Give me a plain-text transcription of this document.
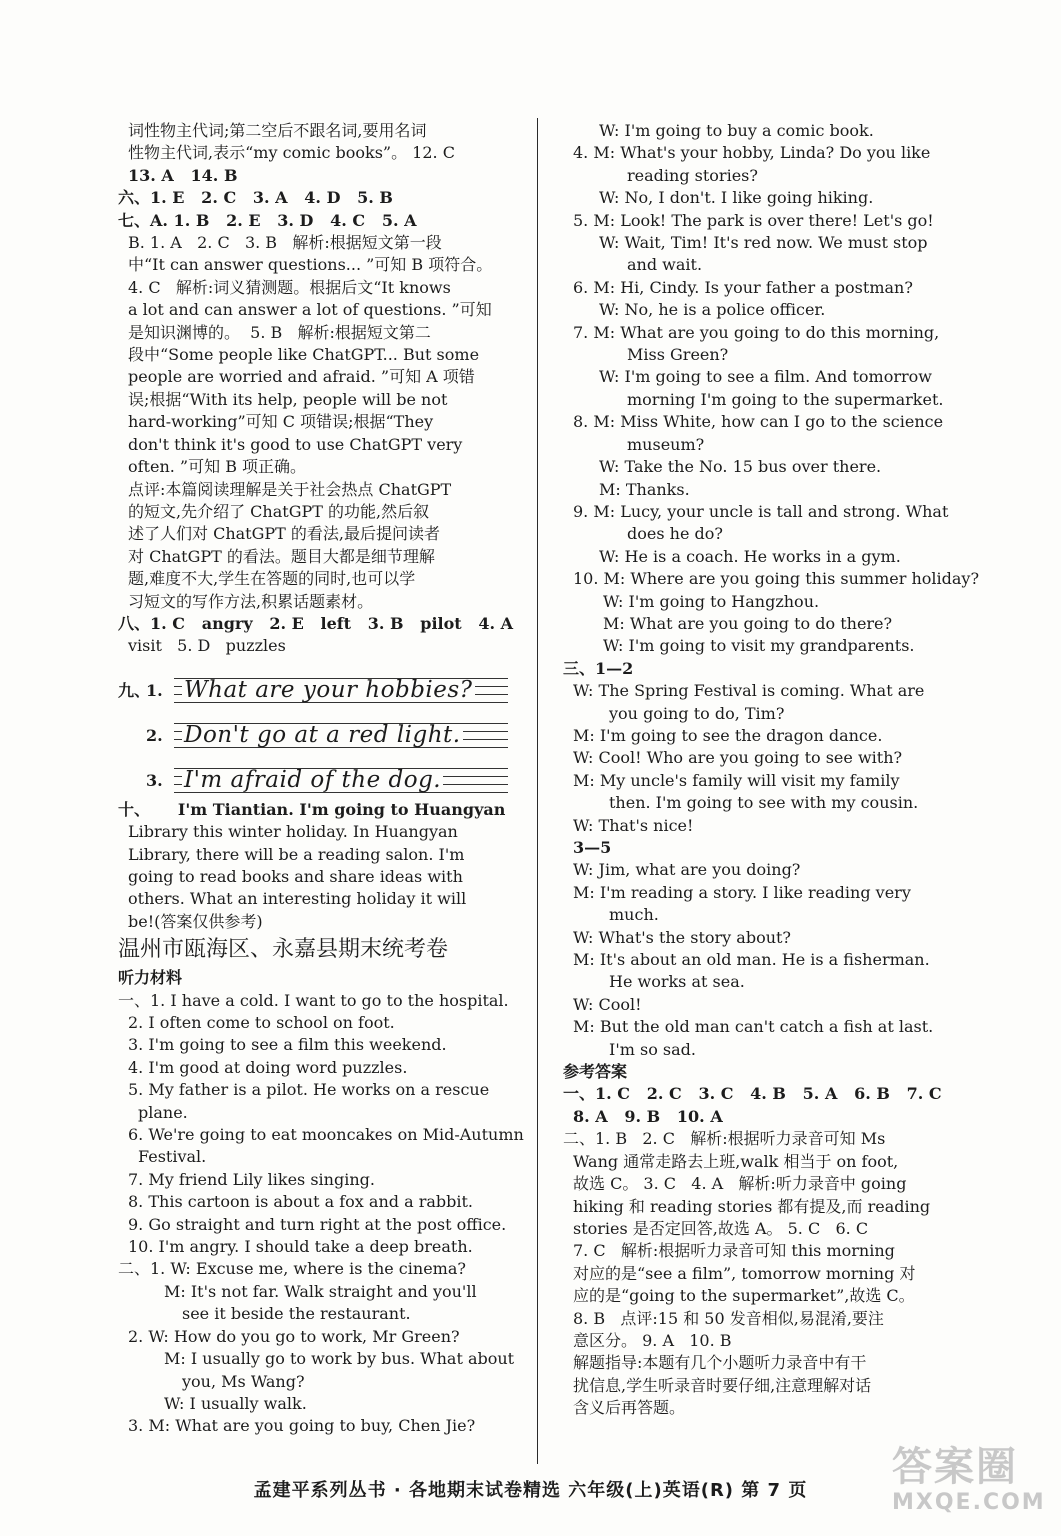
词性物主代词;第二空后不跟名词,要用名词
性物主代词,表示“my comic books”。 12. C
13. A   14. B
六、1. E   2. C   3. A   4. D   5. B
七、A. 1. B   2. E   3. D   4. C   5. A
B. 1. A   2. C   3. B   解析:根据短文第一段
中“It can answer questions... ”可知 B 项符合。
4. C   解析:词义猜测题。根据后文“It knows
a lot and can answer a lot of questions. ”可知
是知识渊博的。  5. B   解析:根据短文第二
段中“Some people like ChatGPT... But some
people are worried and afraid. ”可知 A 项错
误;根据“With its help, people will be not
hard-working”可知 C 项错误;根据“They
don't think it's good to use ChatGPT very
often. ”可知 B 项正确。
点评:本篇阅读理解是关于社会热点 ChatGPT
的短文,先介绍了 ChatGPT 的功能,然后叙
述了人们对 ChatGPT 的看法,最后提问读者
对 ChatGPT 的看法。题目大都是细节理解
题,难度不大,学生在答题的同时,也可以学
习短文的写作方法,积累话题素材。
八、1. C   angry   2. E   left   3. B   pilot   4. A
visit   5. D   puzzles
九、
1. What are your hobbies?
2. Don't go at a red light.
3. I'm afraid of the dog.
十、     I'm Tiantian. I'm going to Huangyan
Library this winter holiday. In Huangyan
Library, there will be a reading salon. I'm
going to read books and share ideas with
others. What an interesting holiday it will
be!(答案仅供参考)
温州市瓯海区、永嘉县期末统考卷
听力材料
一、1. I have a cold. I want to go to the hospital.
2. I often come to school on foot.
3. I'm going to see a film this weekend.
4. I'm good at doing word puzzles.
5. My father is a pilot. He works on a rescue
plane.
6. We're going to eat mooncakes on Mid-Autumn
Festival.
7. My friend Lily likes singing.
8. This cartoon is about a fox and a rabbit.
9. Go straight and turn right at the post office.
10. I'm angry. I should take a deep breath.
二、1. W: Excuse me, where is the cinema?
M: It's not far. Walk straight and you'll
see it beside the restaurant.
2. W: How do you go to work, Mr Green?
M: I usually go to work by bus. What about
you, Ms Wang?
W: I usually walk.
3. M: What are you going to buy, Chen Jie?
W: I'm going to buy a comic book.
4. M: What's your hobby, Linda? Do you like
reading stories?
W: No, I don't. I like going hiking.
5. M: Look! The park is over there! Let's go!
W: Wait, Tim! It's red now. We must stop
and wait.
6. M: Hi, Cindy. Is your father a postman?
W: No, he is a police officer.
7. M: What are you going to do this morning,
Miss Green?
W: I'm going to see a film. And tomorrow
morning I'm going to the supermarket.
8. M: Miss White, how can I go to the science
museum?
W: Take the No. 15 bus over there.
M: Thanks.
9. M: Lucy, your uncle is tall and strong. What
does he do?
W: He is a coach. He works in a gym.
10. M: Where are you going this summer holiday?
W: I'm going to Hangzhou.
M: What are you going to do there?
W: I'm going to visit my grandparents.
三、1—2
W: The Spring Festival is coming. What are
you going to do, Tim?
M: I'm going to see the dragon dance.
W: Cool! Who are you going to see with?
M: My uncle's family will visit my family
then. I'm going to see with my cousin.
W: That's nice!
3—5
W: Jim, what are you doing?
M: I'm reading a story. I like reading very
much.
W: What's the story about?
M: It's about an old man. He is a fisherman.
He works at sea.
W: Cool!
M: But the old man can't catch a fish at last.
I'm so sad.
参考答案
一、1. C   2. C   3. C   4. B   5. A   6. B   7. C
8. A   9. B   10. A
二、1. B   2. C   解析:根据听力录音可知 Ms
Wang 通常走路去上班,walk 相当于 on foot,
故选 C。 3. C   4. A   解析:听力录音中 going
hiking 和 reading stories 都有提及,而 reading
stories 是否定回答,故选 A。 5. C   6. C
7. C   解析:根据听力录音可知 this morning
对应的是“see a film”, tomorrow morning 对
应的是“going to the supermarket”,故选 C。
8. B   点评:15 和 50 发音相似,易混淆,要注
意区分。 9. A   10. B
解题指导:本题有几个小题听力录音中有干
扰信息,学生听录音时要仔细,注意理解对话
含义后再答题。
孟建平系列丛书 · 各地期末试卷精选 六年级(上)英语(R) 第 7 页
答案圈
MXQE.COM
